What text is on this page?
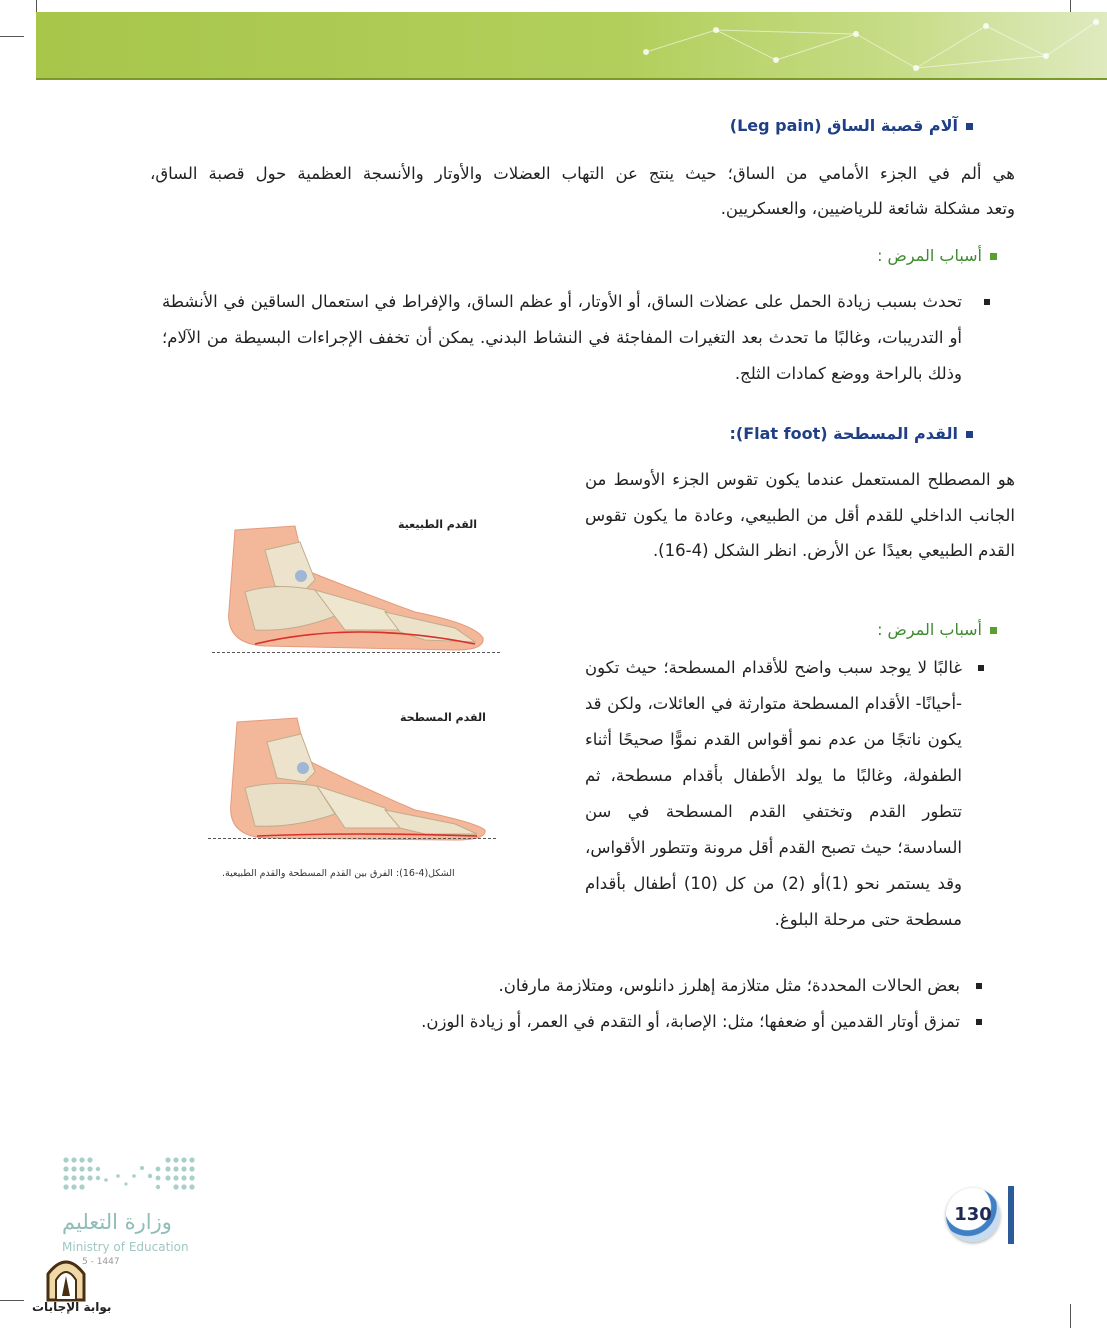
آلام قصبة الساق (Leg pain)
هي ألم في الجزء الأمامي من الساق؛ حيث ينتج عن التهاب العضلات والأوتار والأنسجة العظمية حول قصبة الساق،
وتعد مشكلة شائعة للرياضيين، والعسكريين.
أسباب المرض :
تحدث بسبب زيادة الحمل على عضلات الساق، أو الأوتار، أو عظم الساق، والإفراط في استعمال الساقين في الأنشطة أو التدريبات، وغالبًا ما تحدث بعد التغيرات المفاجئة في النشاط البدني. يمكن أن تخفف الإجراءات البسيطة من الآلام؛ وذلك بالراحة ووضع كمادات الثلج.
القدم المسطحة (Flat foot):
هو المصطلح المستعمل عندما يكون تقوس الجزء الأوسط من الجانب الداخلي للقدم أقل من الطبيعي، وعادة ما يكون تقوس القدم الطبيعي بعيدًا عن الأرض. انظر الشكل (4-16).
أسباب المرض :
غالبًا لا يوجد سبب واضح للأقدام المسطحة؛ حيث تكون -أحيانًا- الأقدام المسطحة متوارثة في العائلات، ولكن قد يكون ناتجًا من عدم نمو أقواس القدم نموًّا صحيحًا أثناء الطفولة، وغالبًا ما يولد الأطفال بأقدام مسطحة، ثم تتطور القدم وتختفي القدم المسطحة في سن السادسة؛ حيث تصبح القدم أقل مرونة وتتطور الأقواس، وقد يستمر نحو (1)أو (2) من كل (10) أطفال بأقدام مسطحة حتى مرحلة البلوغ.
بعض الحالات المحددة؛ مثل متلازمة إهلرز دانلوس، ومتلازمة مارفان.
تمزق أوتار القدمين أو ضعفها؛ مثل: الإصابة، أو التقدم في العمر، أو زيادة الوزن.
القدم الطبيعية
القدم المسطحة
الشكل(4-16): الفرق بين القدم المسطحة والقدم الطبيعية.
وزارة التعليم
Ministry of Education
5 - 1447
بوابة الإجابات
130
